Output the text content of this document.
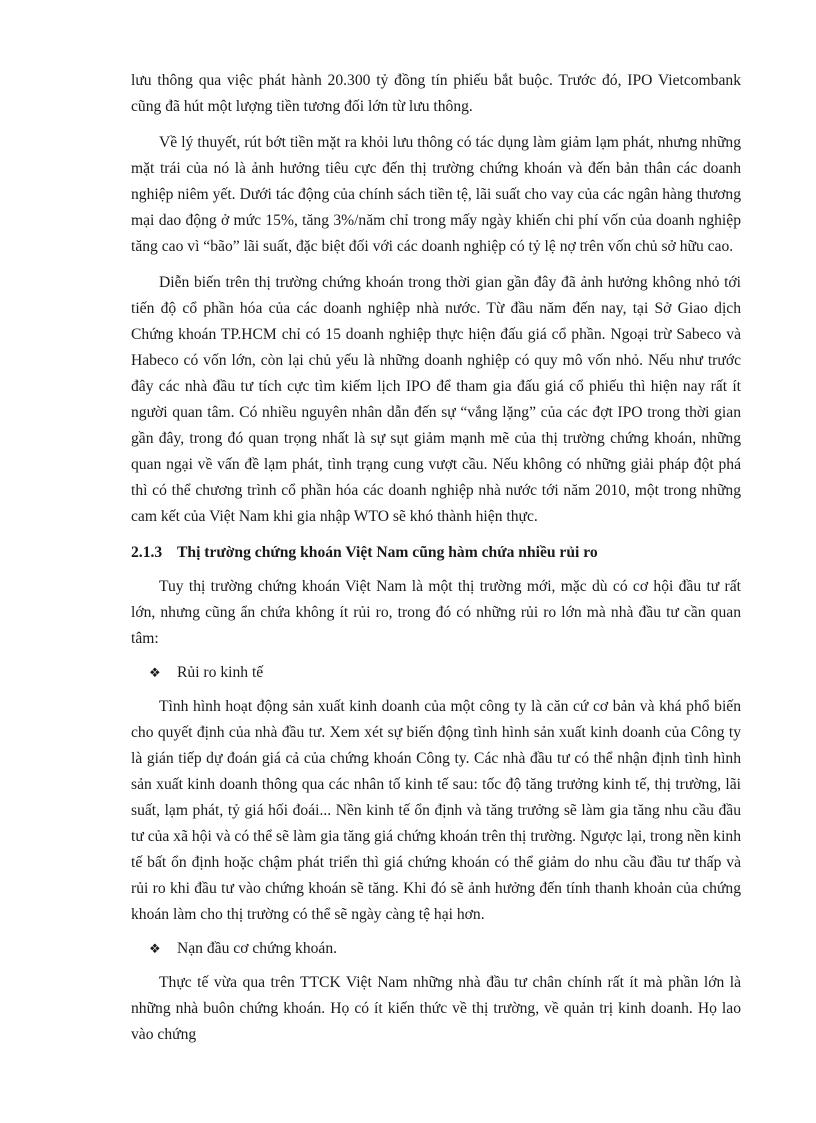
lưu thông qua việc phát hành 20.300 tỷ đồng tín phiếu bắt buộc. Trước đó, IPO Vietcombank cũng đã hút một lượng tiền tương đối lớn từ lưu thông.

Về lý thuyết, rút bớt tiền mặt ra khỏi lưu thông có tác dụng làm giảm lạm phát, nhưng những mặt trái của nó là ảnh hưởng tiêu cực đến thị trường chứng khoán và đến bản thân các doanh nghiệp niêm yết. Dưới tác động của chính sách tiền tệ, lãi suất cho vay của các ngân hàng thương mại dao động ở mức 15%, tăng 3%/năm chỉ trong mấy ngày khiến chi phí vốn của doanh nghiệp tăng cao vì “bão” lãi suất, đặc biệt đối với các doanh nghiệp có tỷ lệ nợ trên vốn chủ sở hữu cao.

Diễn biến trên thị trường chứng khoán trong thời gian gần đây đã ảnh hưởng không nhỏ tới tiến độ cổ phần hóa của các doanh nghiệp nhà nước. Từ đầu năm đến nay, tại Sở Giao dịch Chứng khoán TP.HCM chỉ có 15 doanh nghiệp thực hiện đấu giá cổ phần. Ngoại trừ Sabeco và Habeco có vốn lớn, còn lại chủ yếu là những doanh nghiệp có quy mô vốn nhỏ. Nếu như trước đây các nhà đầu tư tích cực tìm kiếm lịch IPO để tham gia đấu giá cổ phiếu thì hiện nay rất ít người quan tâm. Có nhiều nguyên nhân dẫn đến sự “vắng lặng” của các đợt IPO trong thời gian gần đây, trong đó quan trọng nhất là sự sụt giảm mạnh mẽ của thị trường chứng khoán, những quan ngại về vấn đề lạm phát, tình trạng cung vượt cầu. Nếu không có những giải pháp đột phá thì có thể chương trình cổ phần hóa các doanh nghiệp nhà nước tới năm 2010, một trong những cam kết của Việt Nam khi gia nhập WTO sẽ khó thành hiện thực.

2.1.3 Thị trường chứng khoán Việt Nam cũng hàm chứa nhiều rủi ro

Tuy thị trường chứng khoán Việt Nam là một thị trường mới, mặc dù có cơ hội đầu tư rất lớn, nhưng cũng ẩn chứa không ít rủi ro, trong đó có những rủi ro lớn mà nhà đầu tư cần quan tâm:

❖ Rủi ro kinh tế

Tình hình hoạt động sản xuất kinh doanh của một công ty là căn cứ cơ bản và khá phổ biến cho quyết định của nhà đầu tư. Xem xét sự biến động tình hình sản xuất kinh doanh của Công ty là gián tiếp dự đoán giá cả của chứng khoán Công ty. Các nhà đầu tư có thể nhận định tình hình sản xuất kinh doanh thông qua các nhân tố kinh tế sau: tốc độ tăng trưởng kinh tế, thị trường, lãi suất, lạm phát, tỷ giá hối đoái... Nền kinh tế ổn định và tăng trưởng sẽ làm gia tăng nhu cầu đầu tư của xã hội và có thể sẽ làm gia tăng giá chứng khoán trên thị trường. Ngược lại, trong nền kinh tế bất ổn định hoặc chậm phát triển thì giá chứng khoán có thể giảm do nhu cầu đầu tư thấp và rủi ro khi đầu tư vào chứng khoán sẽ tăng. Khi đó sẽ ảnh hưởng đến tính thanh khoản của chứng khoán làm cho thị trường có thể sẽ ngày càng tệ hại hơn.

❖ Nạn đầu cơ chứng khoán.

Thực tế vừa qua trên TTCK Việt Nam những nhà đầu tư chân chính rất ít mà phần lớn là những nhà buôn chứng khoán. Họ có ít kiến thức về thị trường, về quản trị kinh doanh. Họ lao vào chứng
